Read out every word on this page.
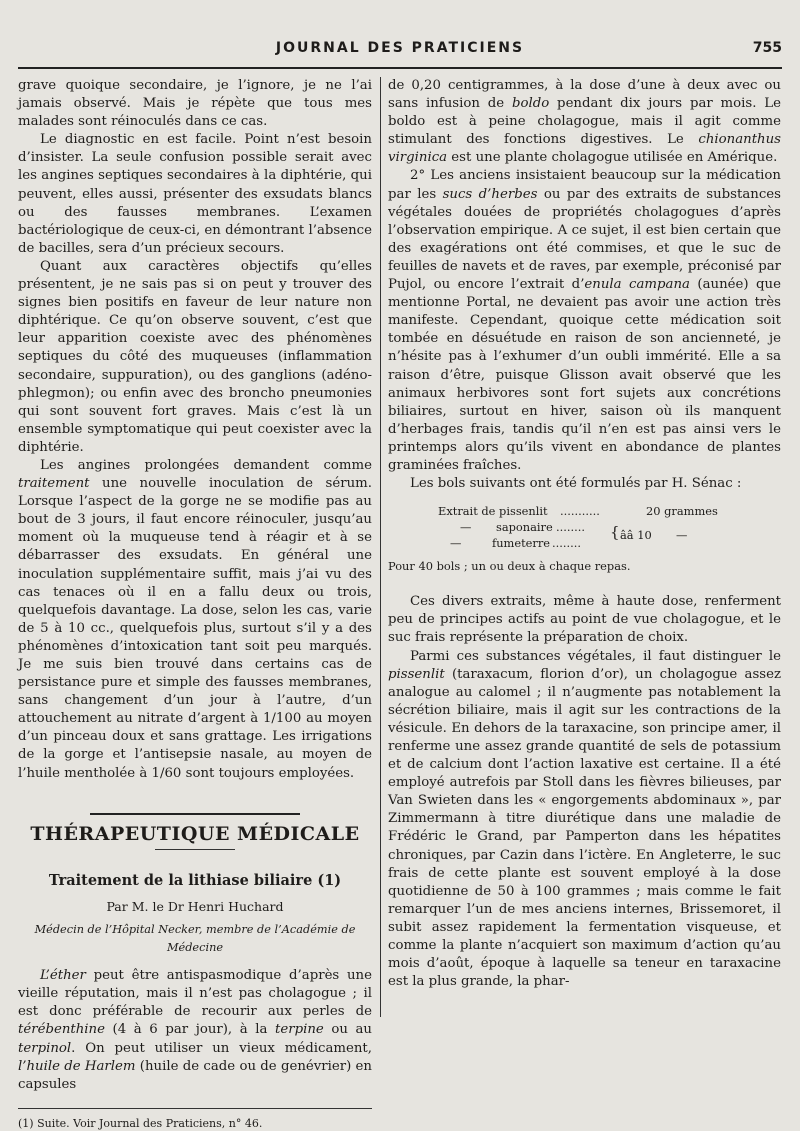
JOURNAL DES PRATICIENS	755

grave quoique secondaire, je l’ignore, je ne l’ai jamais observé. Mais je répète que tous mes malades sont réinoculés dans ce cas.

Le diagnostic en est facile. Point n’est besoin d’insister. La seule confusion possible serait avec les angines septiques secondaires à la diphtérie, qui peuvent, elles aussi, présenter des exsudats blancs ou des fausses membranes. L’examen bactériologique de ceux-ci, en démontrant l’absence de bacilles, sera d’un précieux secours.

Quant aux caractères objectifs qu’elles présentent, je ne sais pas si on peut y trouver des signes bien positifs en faveur de leur nature non diphtérique. Ce qu’on observe souvent, c’est que leur apparition coexiste avec des phénomènes septiques du côté des muqueuses (inflammation secondaire, suppuration), ou des ganglions (adéno-phlegmon); ou enfin avec des broncho pneumonies qui sont souvent fort graves. Mais c’est là un ensemble symptomatique qui peut coexister avec la diphtérie.

Les angines prolongées demandent comme traitement une nouvelle inoculation de sérum. Lorsque l’aspect de la gorge ne se modifie pas au bout de 3 jours, il faut encore réinoculer, jusqu’au moment où la muqueuse tend à réagir et à se débarrasser des exsudats. En général une inoculation supplémentaire suffit, mais j’ai vu des cas tenaces où il en a fallu deux ou trois, quelquefois davantage. La dose, selon les cas, varie de 5 à 10 cc., quelquefois plus, surtout s’il y a des phénomènes d’intoxication tant soit peu marqués. Je me suis bien trouvé dans certains cas de persistance pure et simple des fausses membranes, sans changement d’un jour à l’autre, d’un attouchement au nitrate d’argent à 1/100 au moyen d’un pinceau doux et sans grattage. Les irrigations de la gorge et l’antisepsie nasale, au moyen de l’huile mentholée à 1/60 sont toujours employées.

THÉRAPEUTIQUE MÉDICALE
Traitement de la lithiase biliaire (1)
Par M. le Dr Henri Huchard
Médecin de l’Hôpital Necker, membre de l’Académie de Médecine

L’éther peut être antispasmodique d’après une vieille réputation, mais il n’est pas cholagogue ; il est donc préférable de recourir aux perles de térébenthine (4 à 6 par jour), à la terpine ou au terpinol. On peut utiliser un vieux médicament, l’huile de Harlem (huile de cade ou de genévrier) en capsules

(1) Suite. Voir Journal des Praticiens, n° 46.

de 0,20 centigrammes, à la dose d’une à deux avec ou sans infusion de boldo pendant dix jours par mois. Le boldo est à peine cholagogue, mais il agit comme stimulant des fonctions digestives. Le chionanthus virginica est une plante cholagogue utilisée en Amérique.

2° Les anciens insistaient beaucoup sur la médication par les sucs d’herbes ou par des extraits de substances végétales douées de propriétés cholagogues d’après l’observation empirique. A ce sujet, il est bien certain que des exagérations ont été commises, et que le suc de feuilles de navets et de raves, par exemple, préconisé par Pujol, ou encore l’extrait d’enula campana (aunée) que mentionne Portal, ne devaient pas avoir une action très manifeste. Cependant, quoique cette médication soit tombée en désuétude en raison de son ancienneté, je n’hésite pas à l’exhumer d’un oubli immérité. Elle a sa raison d’être, puisque Glisson avait observé que les animaux herbivores sont fort sujets aux concrétions biliaires, surtout en hiver, saison où ils manquent d’herbages frais, tandis qu’il n’en est pas ainsi vers le printemps alors qu’ils vivent en abondance de plantes graminées fraîches.

Les bols suivants ont été formulés par H. Sénac :

Extrait de pissenlit ...........	20 grammes
— saponaire ........ { ââ 10 —
—	fumeterre ........
Pour 40 bols ; un ou deux à chaque repas.

Ces divers extraits, même à haute dose, renferment peu de principes actifs au point de vue cholagogue, et le suc frais représente la préparation de choix.

Parmi ces substances végétales, il faut distinguer le pissenlit (taraxacum, florion d’or), un cholagogue assez analogue au calomel ; il n’augmente pas notablement la sécrétion biliaire, mais il agit sur les contractions de la vésicule. En dehors de la taraxacine, son principe amer, il renferme une assez grande quantité de sels de potassium et de calcium dont l’action laxative est certaine. Il a été employé autrefois par Stoll dans les fièvres bilieuses, par Van Swieten dans les « engorgements abdominaux », par Zimmermann à titre diurétique dans une maladie de Frédéric le Grand, par Pamperton dans les hépatites chroniques, par Cazin dans l’ictère. En Angleterre, le suc frais de cette plante est souvent employé à la dose quotidienne de 50 à 100 grammes ; mais comme le fait remarquer l’un de mes anciens internes, Brissemoret, il subit assez rapidement la fermentation visqueuse, et comme la plante n’acquiert son maximum d’action qu’au mois d’août, époque à laquelle sa teneur en taraxacine est la plus grande, la phar-
